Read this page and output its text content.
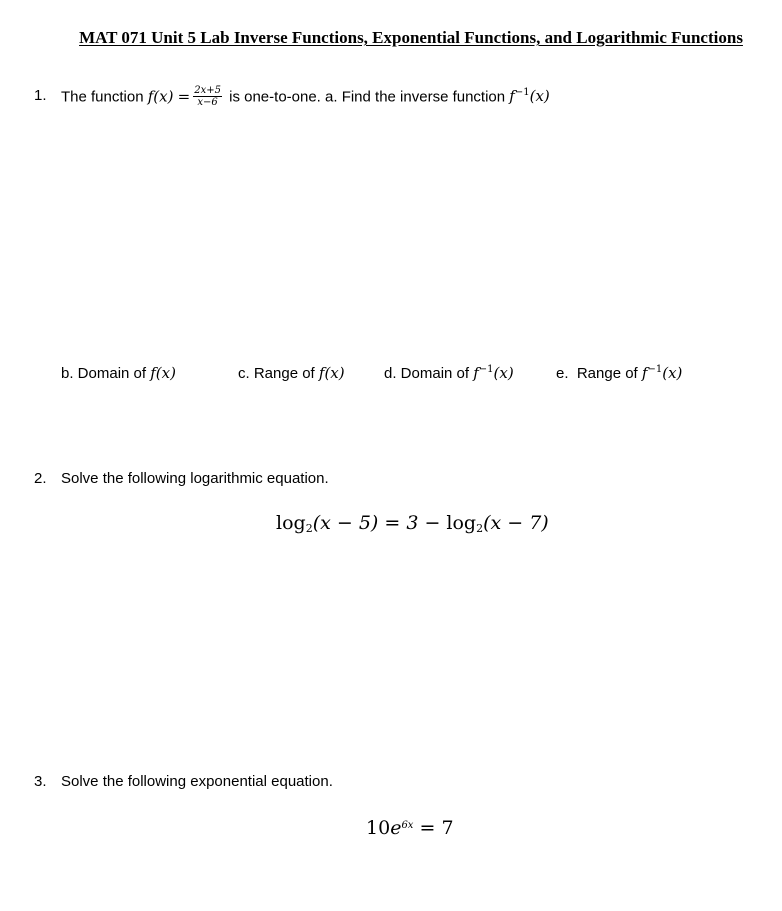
MAT 071 Unit 5 Lab Inverse Functions, Exponential Functions, and Logarithmic Functions
1. The function $f(x) = \frac{2x+5}{x-6}$ is one-to-one. a. Find the inverse function $f^{-1}(x)$
b. Domain of f(x)	c. Range of f(x)	d. Domain of $f^{-1}(x)$	e.  Range of $f^{-1}(x)$
2. Solve the following logarithmic equation.
$\log_2(x - 5) = 3 - \log_2(x - 7)$
3. Solve the following exponential equation.
$10e^{6x} = 7$
